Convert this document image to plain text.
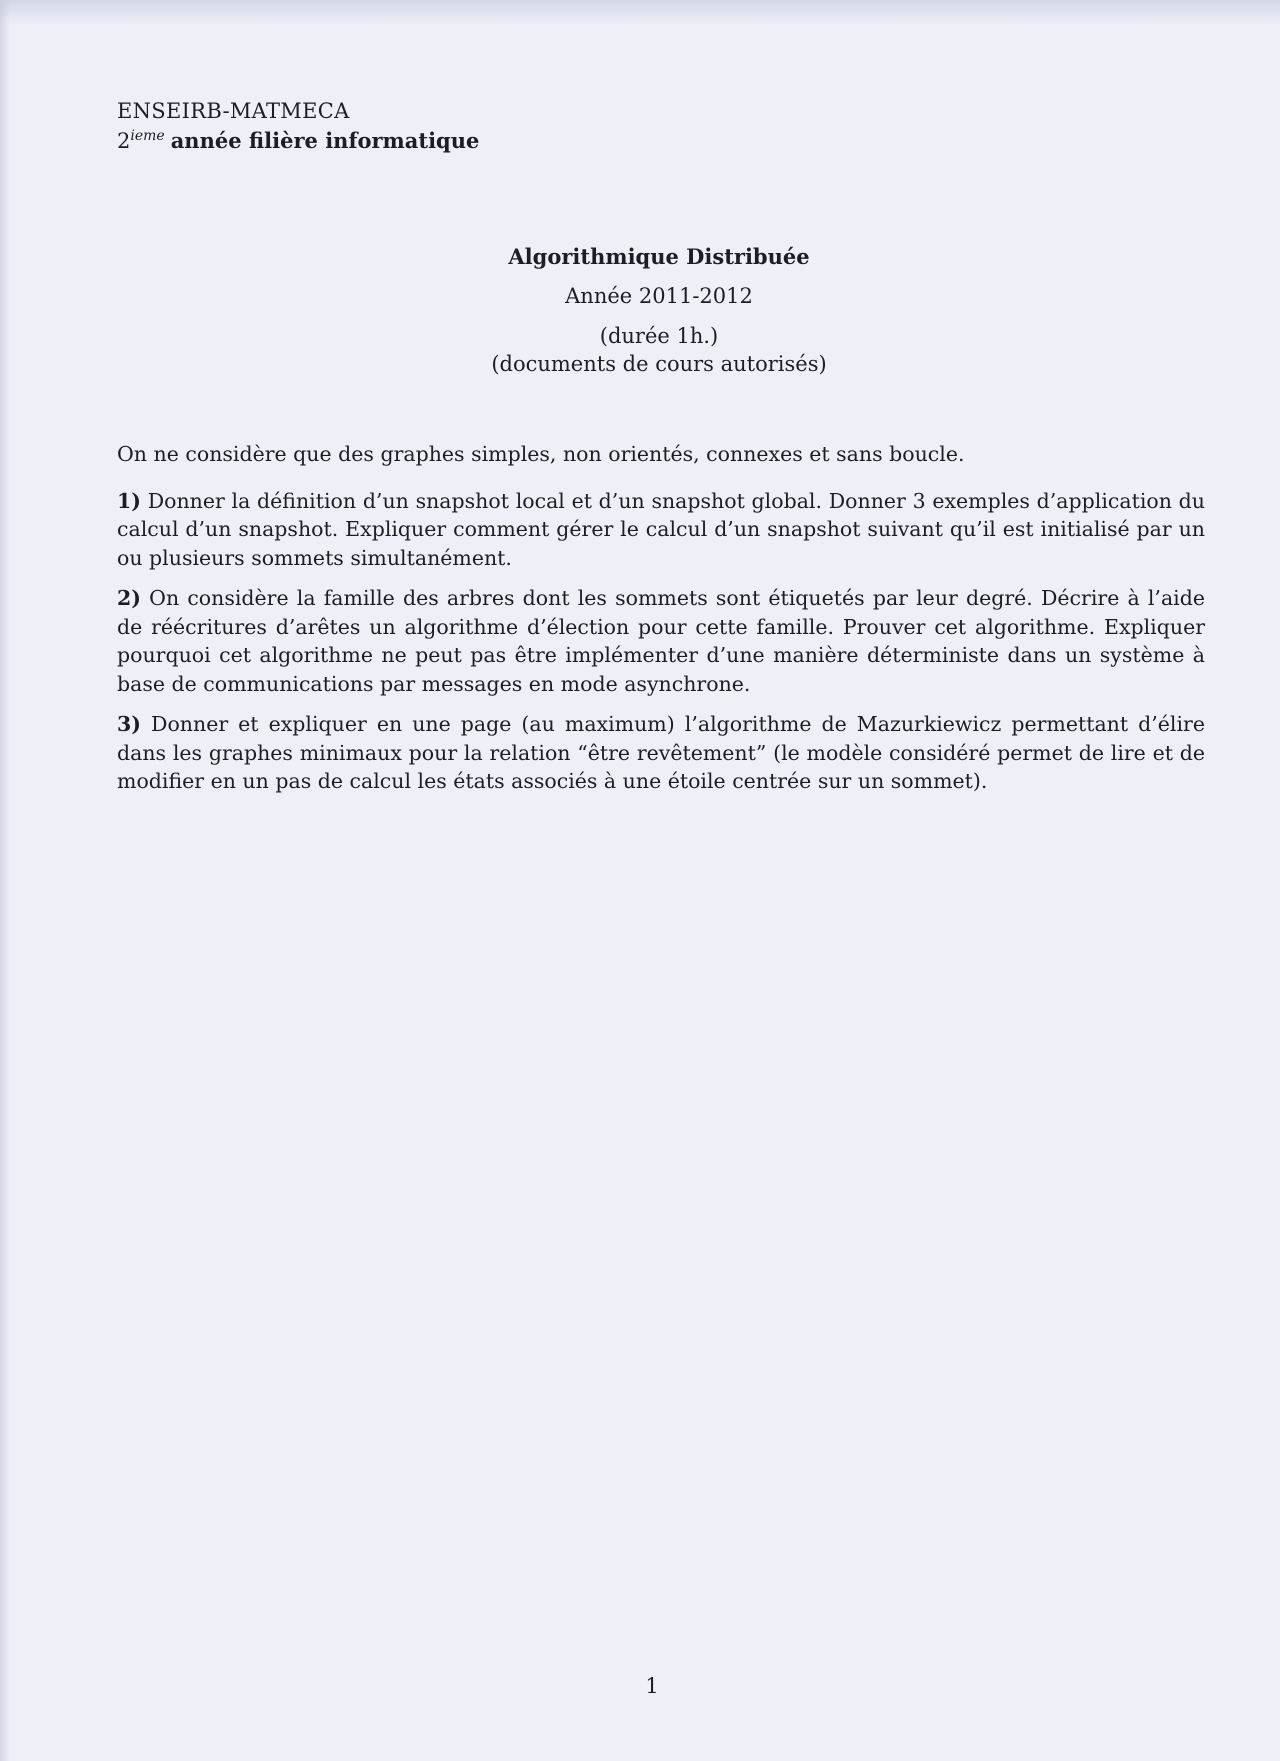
ENSEIRB-MATMECA
2ieme année filière informatique
Algorithmique Distribuée
Année 2011-2012
(durée 1h.)
(documents de cours autorisés)

On ne considère que des graphes simples, non orientés, connexes et sans boucle.

1) Donner la définition d’un snapshot local et d’un snapshot global. Donner 3 exemples d’application du calcul d’un snapshot. Expliquer comment gérer le calcul d’un snapshot suivant qu’il est initialisé par un ou plusieurs sommets simultanément.

2) On considère la famille des arbres dont les sommets sont étiquetés par leur degré. Décrire à l’aide de réécritures d’arêtes un algorithme d’élection pour cette famille. Prouver cet algorithme. Expliquer pourquoi cet algorithme ne peut pas être implémenter d’une manière déterministe dans un système à base de communications par messages en mode asynchrone.

3) Donner et expliquer en une page (au maximum) l’algorithme de Mazurkiewicz permettant d’élire dans les graphes minimaux pour la relation “être revêtement” (le modèle considéré permet de lire et de modifier en un pas de calcul les états associés à une étoile centrée sur un sommet).

1
